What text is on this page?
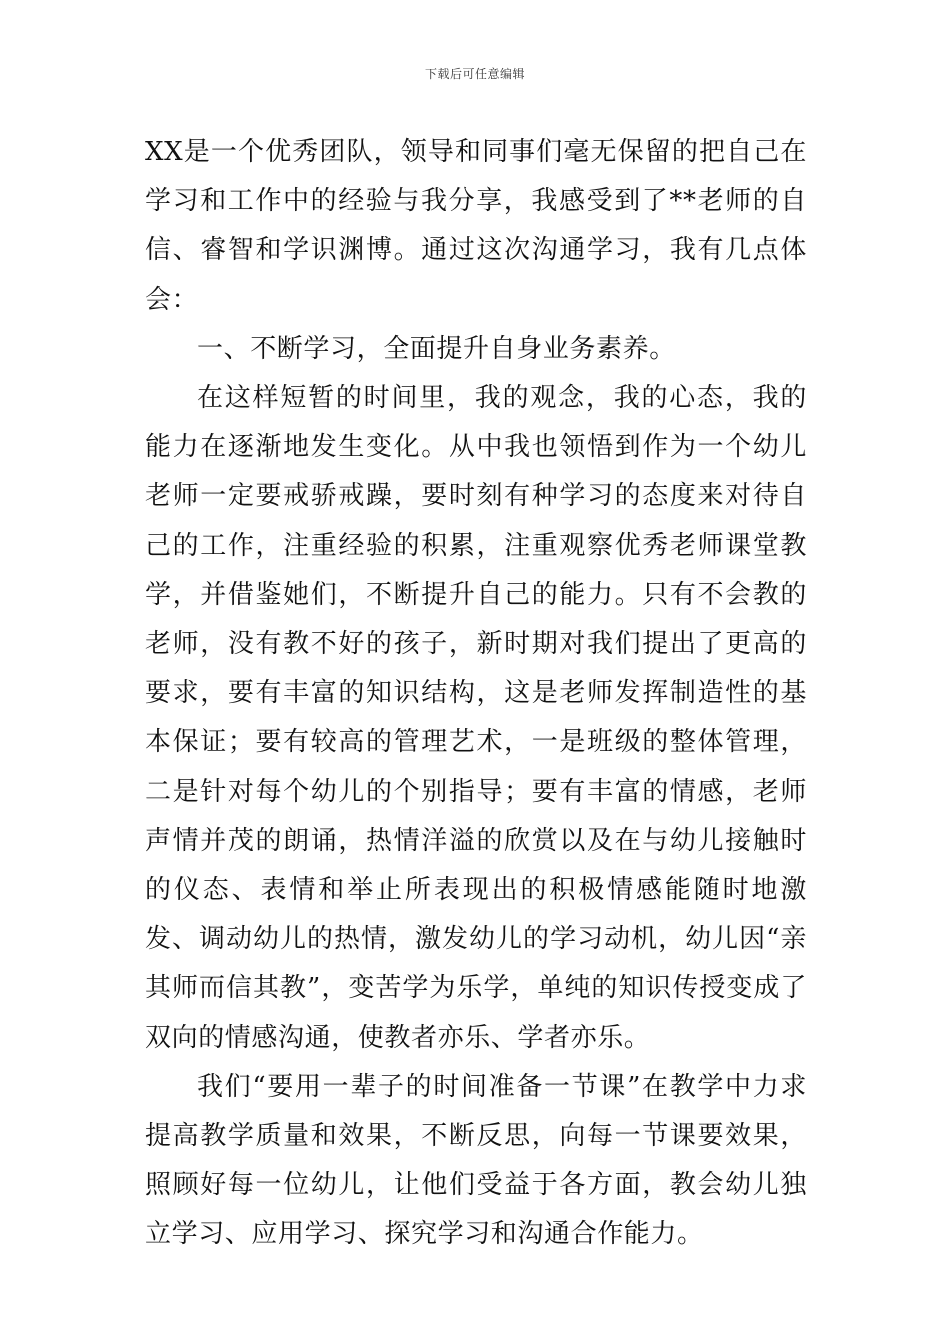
下载后可任意编辑

XX是一个优秀团队，领导和同事们毫无保留的把自己在学习和工作中的经验与我分享，我感受到了**老师的自信、睿智和学识渊博。通过这次沟通学习，我有几点体会：

一、不断学习，全面提升自身业务素养。

在这样短暂的时间里，我的观念，我的心态，我的能力在逐渐地发生变化。从中我也领悟到作为一个幼儿老师一定要戒骄戒躁，要时刻有种学习的态度来对待自己的工作，注重经验的积累，注重观察优秀老师课堂教学，并借鉴她们，不断提升自己的能力。只有不会教的老师，没有教不好的孩子，新时期对我们提出了更高的要求，要有丰富的知识结构，这是老师发挥制造性的基本保证；要有较高的管理艺术，一是班级的整体管理，二是针对每个幼儿的个别指导；要有丰富的情感，老师声情并茂的朗诵，热情洋溢的欣赏以及在与幼儿接触时的仪态、表情和举止所表现出的积极情感能随时地激发、调动幼儿的热情，激发幼儿的学习动机，幼儿因“亲其师而信其教”，变苦学为乐学，单纯的知识传授变成了双向的情感沟通，使教者亦乐、学者亦乐。

我们“要用一辈子的时间准备一节课”在教学中力求提高教学质量和效果，不断反思，向每一节课要效果，照顾好每一位幼儿，让他们受益于各方面，教会幼儿独立学习、应用学习、探究学习和沟通合作能力。
